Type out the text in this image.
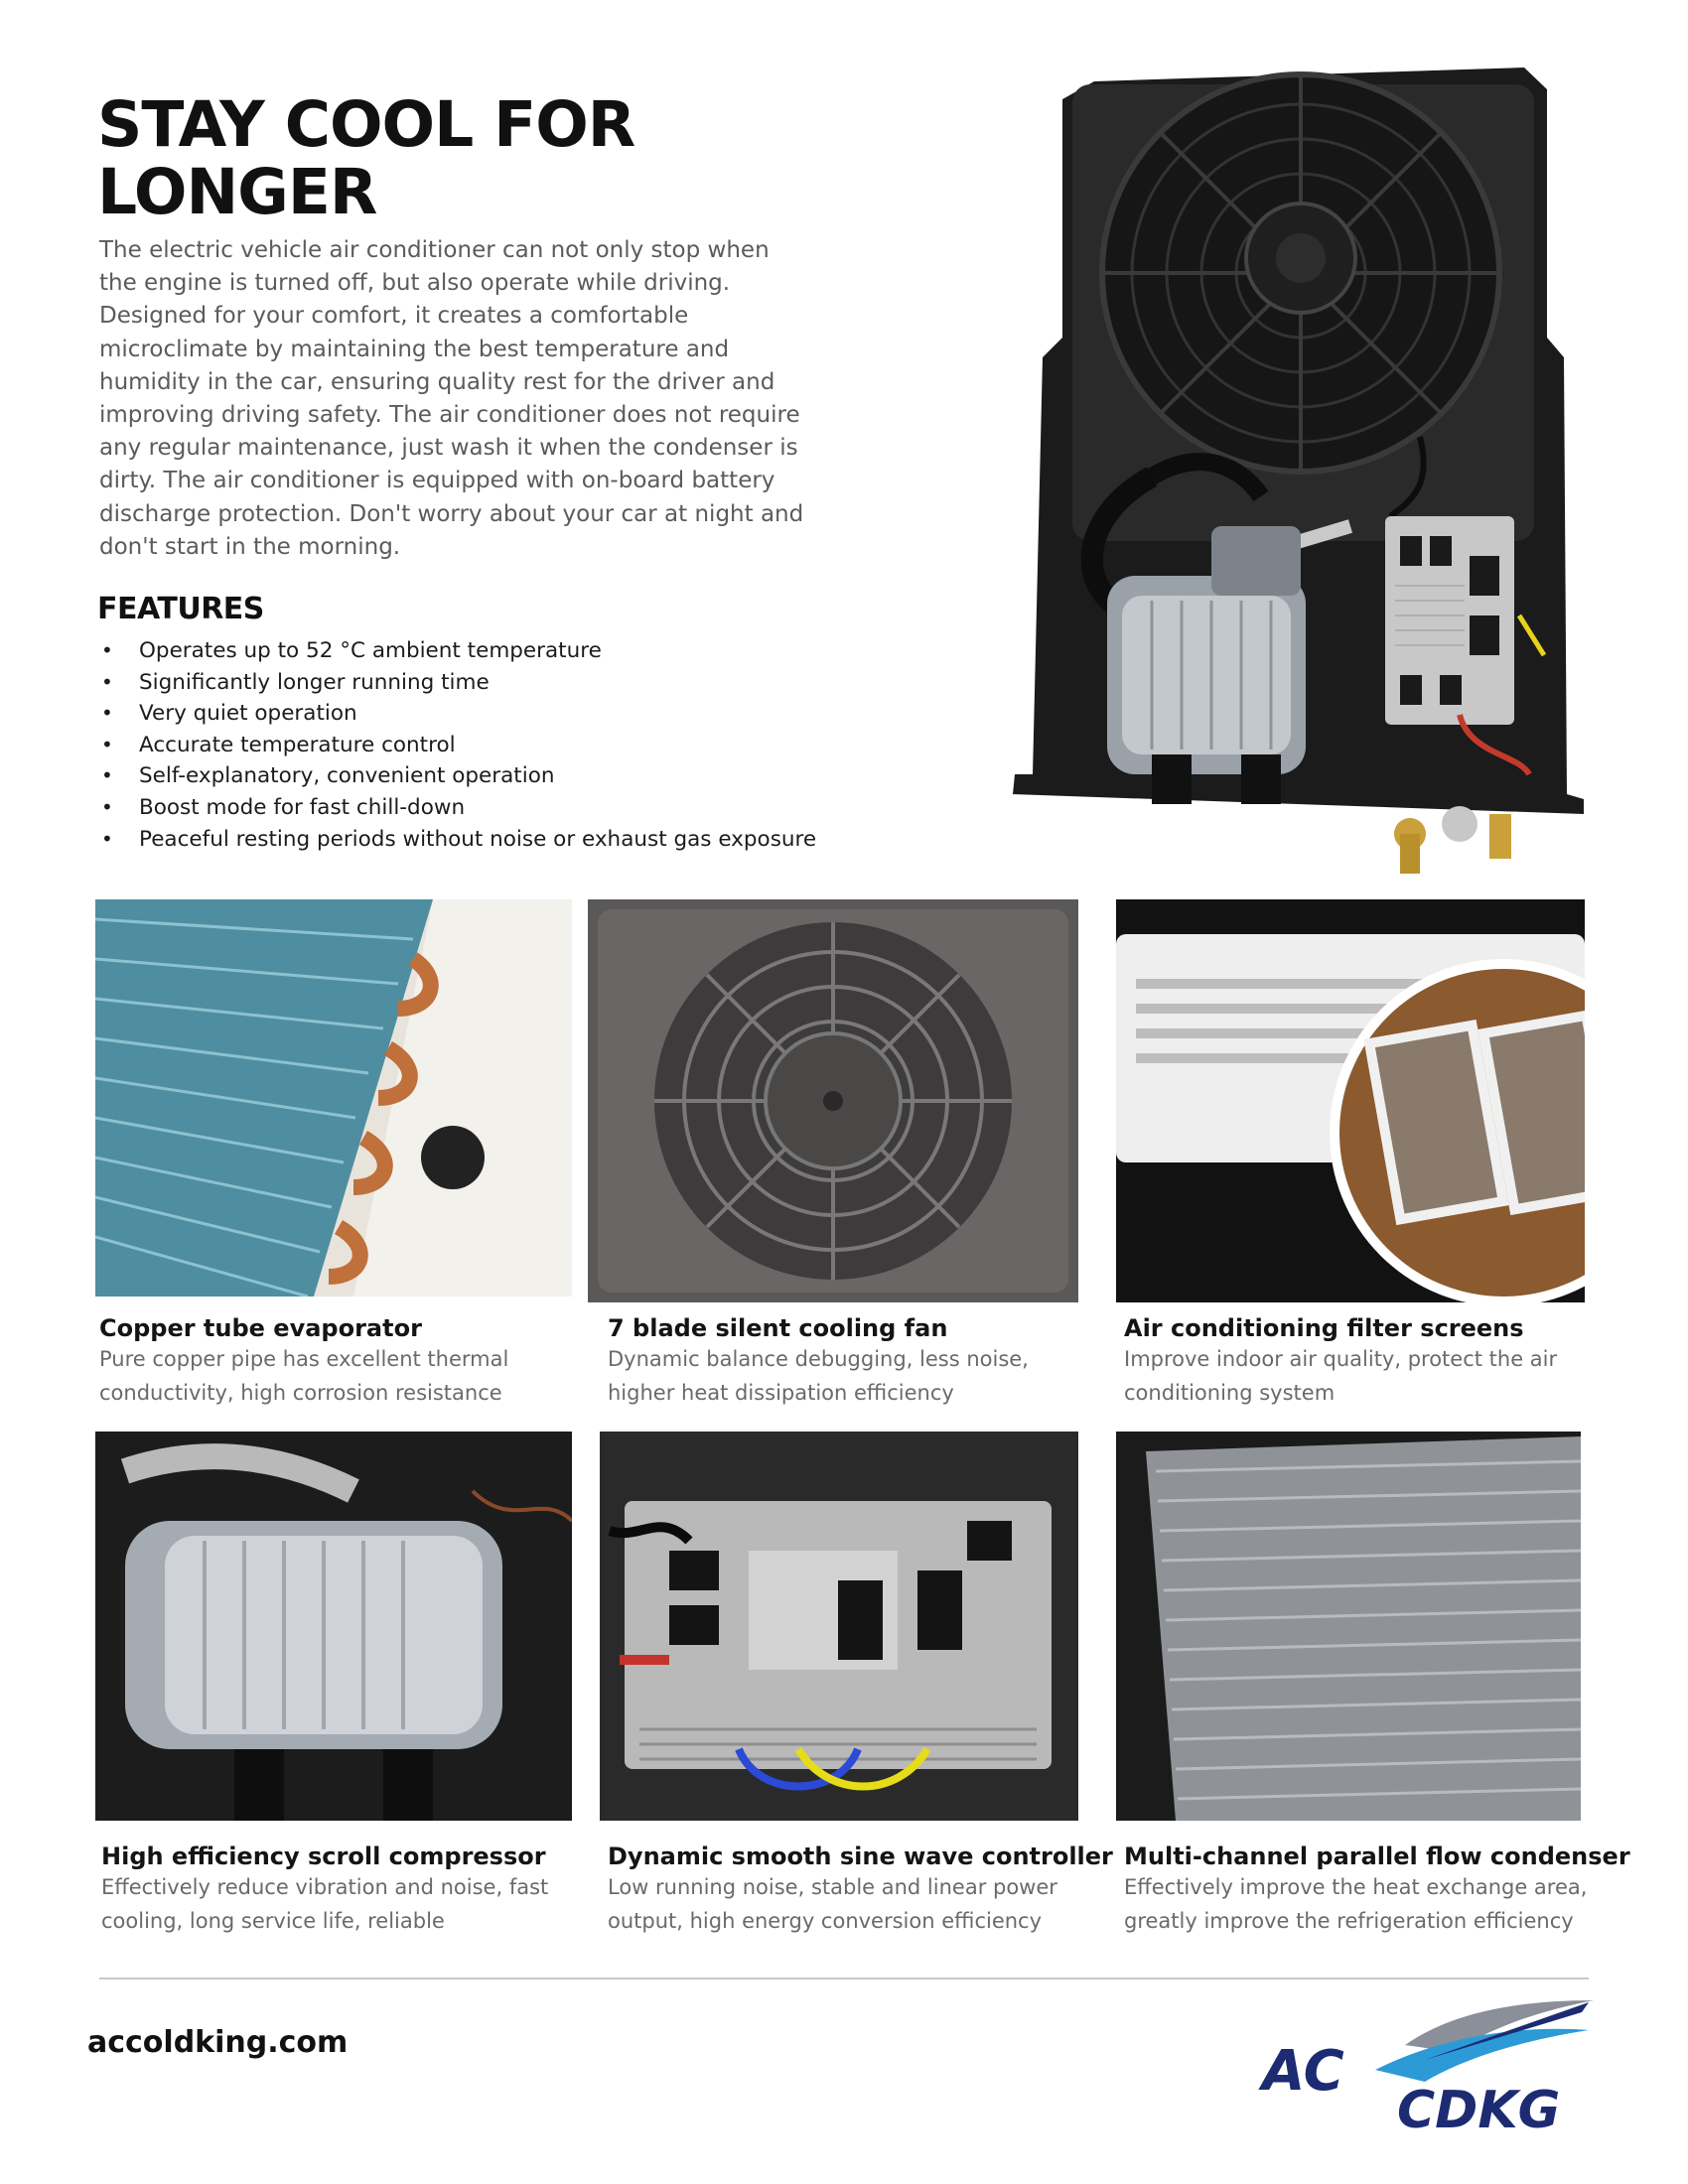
STAY COOL FOR
LONGER

The electric vehicle air conditioner can not only stop when
the engine is turned off, but also operate while driving.
Designed for your comfort, it creates a comfortable
microclimate by maintaining the best temperature and
humidity in the car, ensuring quality rest for the driver and
improving driving safety. The air conditioner does not require
any regular maintenance, just wash it when the condenser is
dirty. The air conditioner is equipped with on-board battery
discharge protection. Don't worry about your car at night and
don't start in the morning.

FEATURES
• Operates up to 52 °C ambient temperature
• Significantly longer running time
• Very quiet operation
• Accurate temperature control
• Self-explanatory, convenient operation
• Boost mode for fast chill-down
• Peaceful resting periods without noise or exhaust gas exposure
Copper tube evaporator

Pure copper pipe has excellent thermal
conductivity, high corrosion resistance

7 blade silent cooling fan

Dynamic balance debugging, less noise,
higher heat dissipation efficiency

Air conditioning filter screens

Improve indoor air quality, protect the air
conditioning system

High efficiency scroll compressor

Effectively reduce vibration and noise, fast
cooling, long service life, reliable

Dynamic smooth sine wave controller

Low running noise, stable and linear power
output, high energy conversion efficiency

Multi-channel parallel flow condenser

Effectively improve the heat exchange area,
greatly improve the refrigeration efficiency

accoldking.com	AC
CDKG
